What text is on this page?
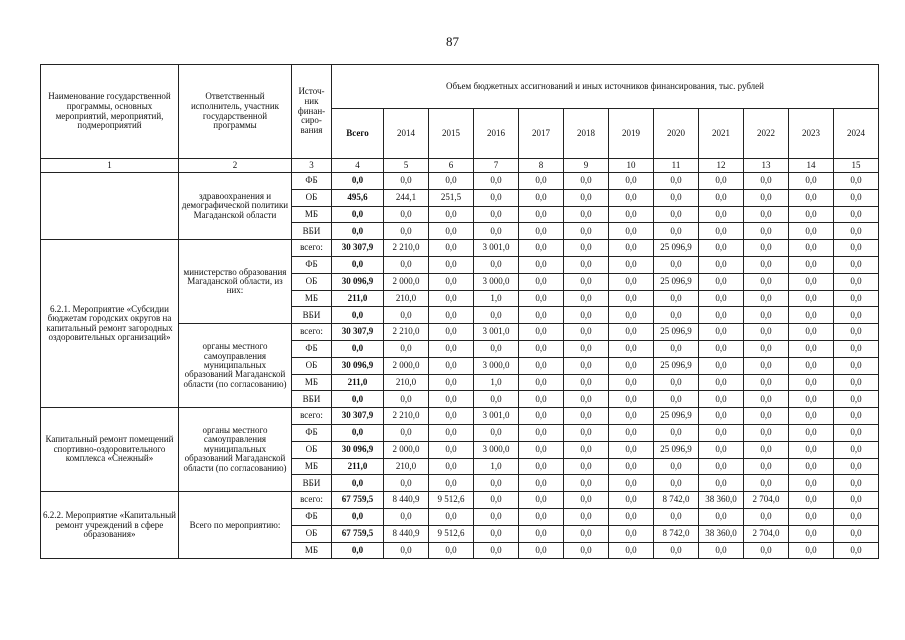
87
Наименование государственной программы, основных мероприятий, мероприятий, подмероприятий	Ответственный исполнитель, участник государственной программы	Источ-ник финан-сиро-вания	Объем бюджетных ассигнований и иных источников финансирования, тыс. рублей											
			Всего	2014	2015	2016	2017	2018	2019	2020	2021	2022	2023	2024
1	2	3	4	5	6	7	8	9	10	11	12	13	14	15
	здравоохранения и демографической политики Магаданской области	ФБ	0,0	0,0	0,0	0,0	0,0	0,0	0,0	0,0	0,0	0,0	0,0	0,0
		ОБ	495,6	244,1	251,5	0,0	0,0	0,0	0,0	0,0	0,0	0,0	0,0	0,0
		МБ	0,0	0,0	0,0	0,0	0,0	0,0	0,0	0,0	0,0	0,0	0,0	0,0
		ВБИ	0,0	0,0	0,0	0,0	0,0	0,0	0,0	0,0	0,0	0,0	0,0	0,0
6.2.1. Мероприятие «Субсидии бюджетам городских округов на капитальный ремонт загородных оздоровительных организаций»	министерство образования Магаданской области, из них:	всего:	30 307,9	2 210,0	0,0	3 001,0	0,0	0,0	0,0	25 096,9	0,0	0,0	0,0	0,0
		ФБ	0,0	0,0	0,0	0,0	0,0	0,0	0,0	0,0	0,0	0,0	0,0	0,0
		ОБ	30 096,9	2 000,0	0,0	3 000,0	0,0	0,0	0,0	25 096,9	0,0	0,0	0,0	0,0
		МБ	211,0	210,0	0,0	1,0	0,0	0,0	0,0	0,0	0,0	0,0	0,0	0,0
		ВБИ	0,0	0,0	0,0	0,0	0,0	0,0	0,0	0,0	0,0	0,0	0,0	0,0
	органы местного самоуправления муниципальных образований Магаданской области (по согласованию)	всего:	30 307,9	2 210,0	0,0	3 001,0	0,0	0,0	0,0	25 096,9	0,0	0,0	0,0	0,0
		ФБ	0,0	0,0	0,0	0,0	0,0	0,0	0,0	0,0	0,0	0,0	0,0	0,0
		ОБ	30 096,9	2 000,0	0,0	3 000,0	0,0	0,0	0,0	25 096,9	0,0	0,0	0,0	0,0
		МБ	211,0	210,0	0,0	1,0	0,0	0,0	0,0	0,0	0,0	0,0	0,0	0,0
		ВБИ	0,0	0,0	0,0	0,0	0,0	0,0	0,0	0,0	0,0	0,0	0,0	0,0
Капитальный ремонт помещений спортивно-оздоровительного комплекса «Снежный»	органы местного самоуправления муниципальных образований Магаданской области (по согласованию)	всего:	30 307,9	2 210,0	0,0	3 001,0	0,0	0,0	0,0	25 096,9	0,0	0,0	0,0	0,0
		ФБ	0,0	0,0	0,0	0,0	0,0	0,0	0,0	0,0	0,0	0,0	0,0	0,0
		ОБ	30 096,9	2 000,0	0,0	3 000,0	0,0	0,0	0,0	25 096,9	0,0	0,0	0,0	0,0
		МБ	211,0	210,0	0,0	1,0	0,0	0,0	0,0	0,0	0,0	0,0	0,0	0,0
		ВБИ	0,0	0,0	0,0	0,0	0,0	0,0	0,0	0,0	0,0	0,0	0,0	0,0
6.2.2. Мероприятие «Капитальный ремонт учреждений в сфере образования»	Всего по мероприятию:	всего:	67 759,5	8 440,9	9 512,6	0,0	0,0	0,0	0,0	8 742,0	38 360,0	2 704,0	0,0	0,0
		ФБ	0,0	0,0	0,0	0,0	0,0	0,0	0,0	0,0	0,0	0,0	0,0	0,0
		ОБ	67 759,5	8 440,9	9 512,6	0,0	0,0	0,0	0,0	8 742,0	38 360,0	2 704,0	0,0	0,0
		МБ	0,0	0,0	0,0	0,0	0,0	0,0	0,0	0,0	0,0	0,0	0,0	0,0
